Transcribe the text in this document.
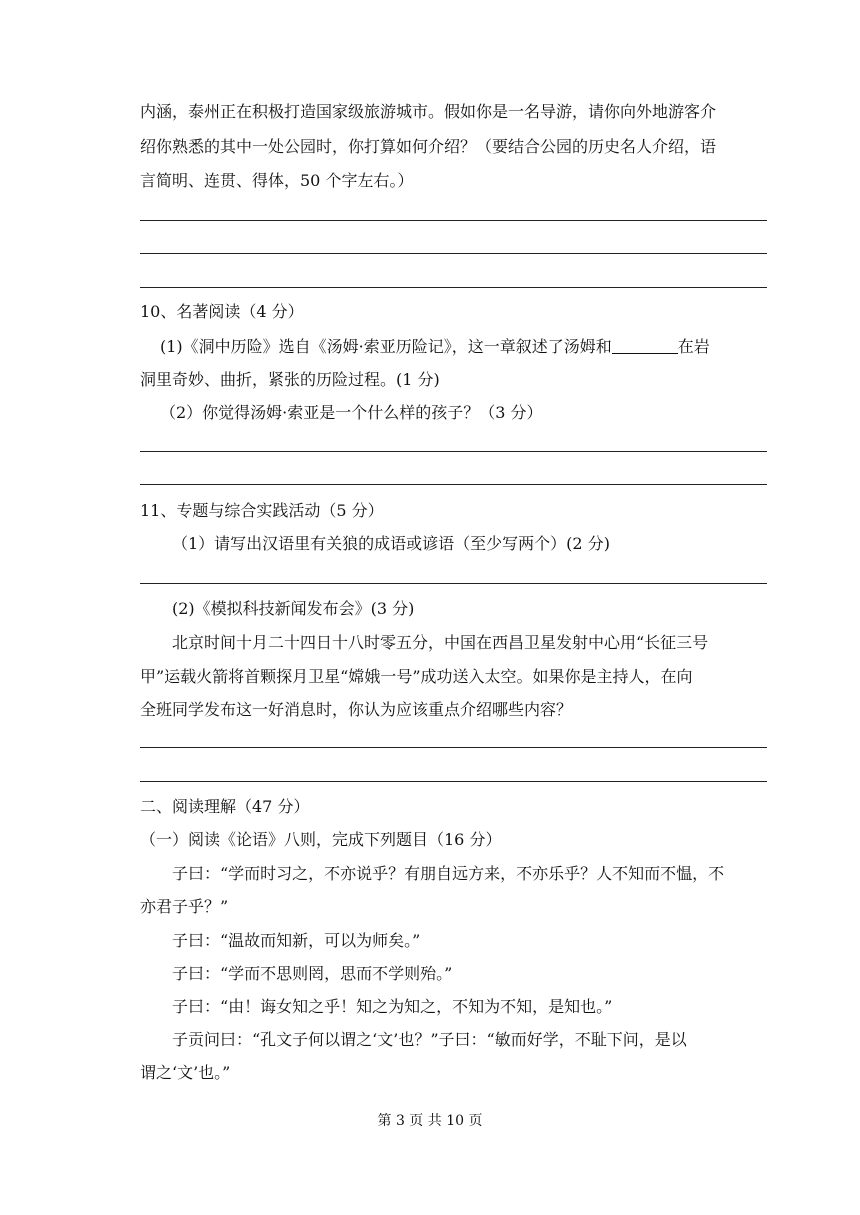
内涵，泰州正在积极打造国家级旅游城市。假如你是一名导游，请你向外地游客介
绍你熟悉的其中一处公园时，你打算如何介绍？（要结合公园的历史名人介绍，语
言简明、连贯、得体，50 个字左右。）
10、名著阅读（4 分）
(1)《洞中历险》选自《汤姆·索亚历险记》，这一章叙述了汤姆和	在岩
洞里奇妙、曲折，紧张的历险过程。(1 分)
（2）你觉得汤姆·索亚是一个什么样的孩子？（3 分）
11、专题与综合实践活动（5 分）
（1）请写出汉语里有关狼的成语或谚语（至少写两个）(2 分)
(2)《模拟科技新闻发布会》(3 分)
北京时间十月二十四日十八时零五分，中国在西昌卫星发射中心用“长征三号
甲”运载火箭将首颗探月卫星“嫦娥一号”成功送入太空。如果你是主持人，在向
全班同学发布这一好消息时，你认为应该重点介绍哪些内容？
二、阅读理解（47 分）
（一）阅读《论语》八则，完成下列题目（16 分）
子曰：“学而时习之，不亦说乎？有朋自远方来，不亦乐乎？人不知而不愠，不
亦君子乎？”
子曰：“温故而知新，可以为师矣。”
子曰：“学而不思则罔，思而不学则殆。”
子曰：“由！诲女知之乎！知之为知之，不知为不知，是知也。”
子贡问曰：“孔文子何以谓之‘文’也？”子曰：“敏而好学，不耻下问，是以
谓之‘文’也。”
第 3 页 共 10 页
